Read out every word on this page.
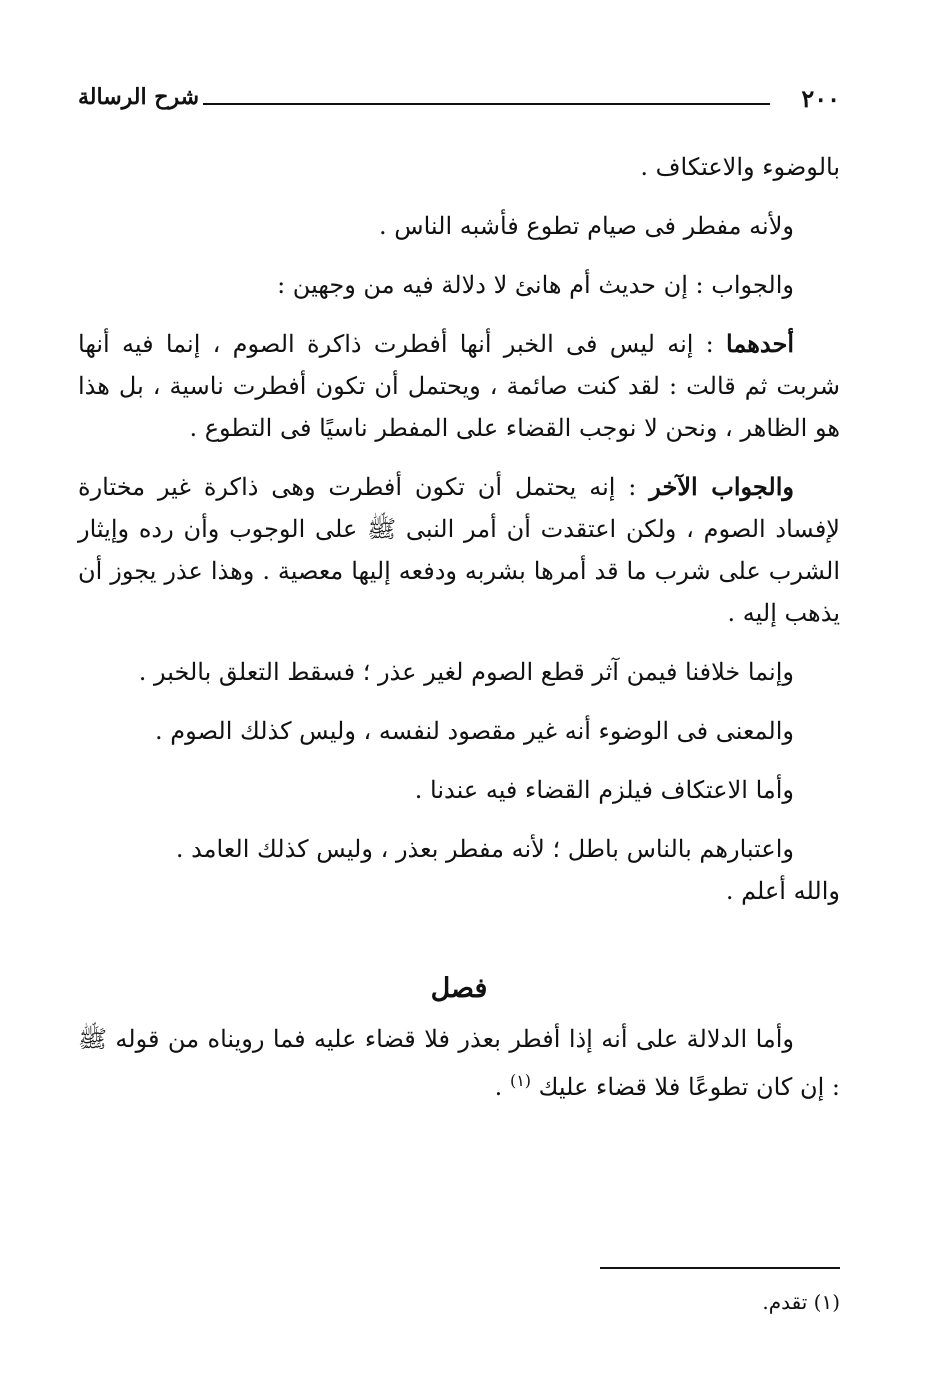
٢٠٠
شرح الرسالة

بالوضوء والاعتكاف .

ولأنه مفطر فى صيام تطوع فأشبه الناس .

والجواب : إن حديث أم هانئ لا دلالة فيه من وجهين :

أحدهما : إنه ليس فى الخبر أنها أفطرت ذاكرة الصوم ، إنما فيه أنها شربت ثم قالت : لقد كنت صائمة ، ويحتمل أن تكون أفطرت ناسية ، بل هذا هو الظاهر ، ونحن لا نوجب القضاء على المفطر ناسيًا فى التطوع .

والجواب الآخر : إنه يحتمل أن تكون أفطرت وهى ذاكرة غير مختارة لإفساد الصوم ، ولكن اعتقدت أن أمر النبى ﷺ على الوجوب وأن رده وإيثار الشرب على شرب ما قد أمرها بشربه ودفعه إليها معصية . وهذا عذر يجوز أن يذهب إليه .

وإنما خلافنا فيمن آثر قطع الصوم لغير عذر ؛ فسقط التعلق بالخبر .

والمعنى فى الوضوء أنه غير مقصود لنفسه ، وليس كذلك الصوم .

وأما الاعتكاف فيلزم القضاء فيه عندنا .

واعتبارهم بالناس باطل ؛ لأنه مفطر بعذر ، وليس كذلك العامد .

والله أعلم .

فصل

وأما الدلالة على أنه إذا أفطر بعذر فلا قضاء عليه فما رويناه من قوله ﷺ : إن كان تطوعًا فلا قضاء عليك $^{(١)}$ .

(١) تقدم.
